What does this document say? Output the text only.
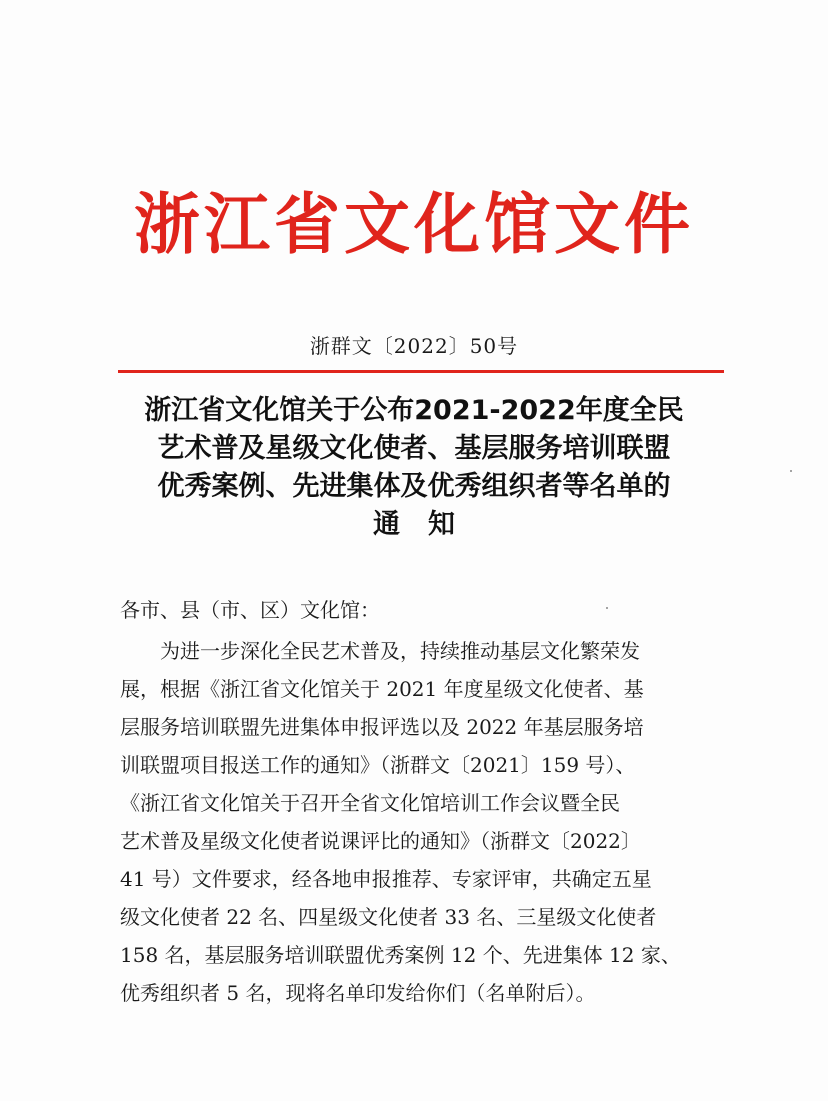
浙江省文化馆文件
浙群文〔2022〕50号
浙江省文化馆关于公布2021-2022年度全民
艺术普及星级文化使者、基层服务培训联盟
优秀案例、先进集体及优秀组织者等名单的
通知
各市、县（市、区）文化馆：
　　为进一步深化全民艺术普及，持续推动基层文化繁荣发
展，根据《浙江省文化馆关于 2021 年度星级文化使者、基
层服务培训联盟先进集体申报评选以及 2022 年基层服务培
训联盟项目报送工作的通知》（浙群文〔2021〕159 号）、
《浙江省文化馆关于召开全省文化馆培训工作会议暨全民
艺术普及星级文化使者说课评比的通知》（浙群文〔2022〕
41 号）文件要求，经各地申报推荐、专家评审，共确定五星
级文化使者 22 名、四星级文化使者 33 名、三星级文化使者
158 名，基层服务培训联盟优秀案例 12 个、先进集体 12 家、
优秀组织者 5 名，现将名单印发给你们（名单附后）。
